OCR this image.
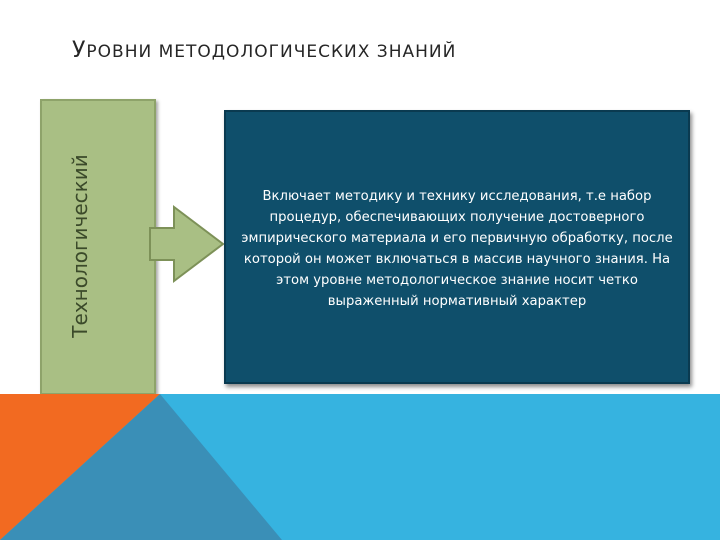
УРОВНИ МЕТОДОЛОГИЧЕСКИХ ЗНАНИЙ
Технологический	Включает методику и технику исследования, т.е набор процедур, обеспечивающих получение достоверного эмпирического материала и его первичную обработку, после которой он может включаться в массив научного знания. На этом уровне методологическое знание носит четко выраженный нормативный характер
